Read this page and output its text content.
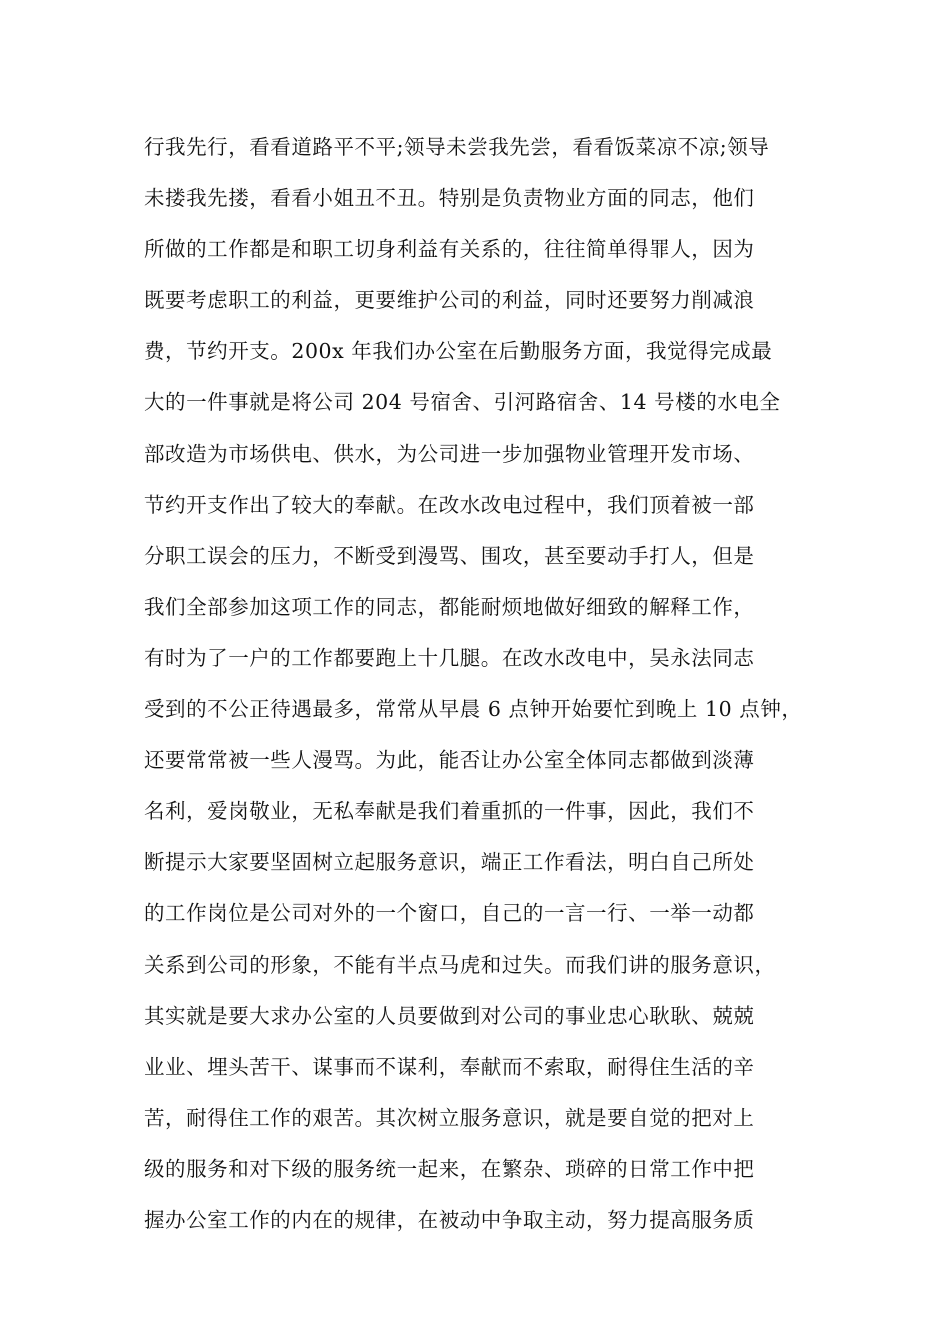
行我先行，看看道路平不平;领导未尝我先尝，看看饭菜凉不凉;领导
未搂我先搂，看看小姐丑不丑。特别是负责物业方面的同志，他们
所做的工作都是和职工切身利益有关系的，往往简单得罪人，因为
既要考虑职工的利益，更要维护公司的利益，同时还要努力削减浪
费，节约开支。200x 年我们办公室在后勤服务方面，我觉得完成最
大的一件事就是将公司 204 号宿舍、引河路宿舍、14 号楼的水电全
部改造为市场供电、供水，为公司进一步加强物业管理开发市场、
节约开支作出了较大的奉献。在改水改电过程中，我们顶着被一部
分职工误会的压力，不断受到漫骂、围攻，甚至要动手打人，但是
我们全部参加这项工作的同志，都能耐烦地做好细致的解释工作，
有时为了一户的工作都要跑上十几腿。在改水改电中，吴永法同志
受到的不公正待遇最多，常常从早晨 6 点钟开始要忙到晚上 10 点钟，
还要常常被一些人漫骂。为此，能否让办公室全体同志都做到淡薄
名利，爱岗敬业，无私奉献是我们着重抓的一件事，因此，我们不
断提示大家要坚固树立起服务意识，端正工作看法，明白自己所处
的工作岗位是公司对外的一个窗口，自己的一言一行、一举一动都
关系到公司的形象，不能有半点马虎和过失。而我们讲的服务意识，
其实就是要大求办公室的人员要做到对公司的事业忠心耿耿、兢兢
业业、埋头苦干、谋事而不谋利，奉献而不索取，耐得住生活的辛
苦，耐得住工作的艰苦。其次树立服务意识，就是要自觉的把对上
级的服务和对下级的服务统一起来，在繁杂、琐碎的日常工作中把
握办公室工作的内在的规律，在被动中争取主动，努力提高服务质
